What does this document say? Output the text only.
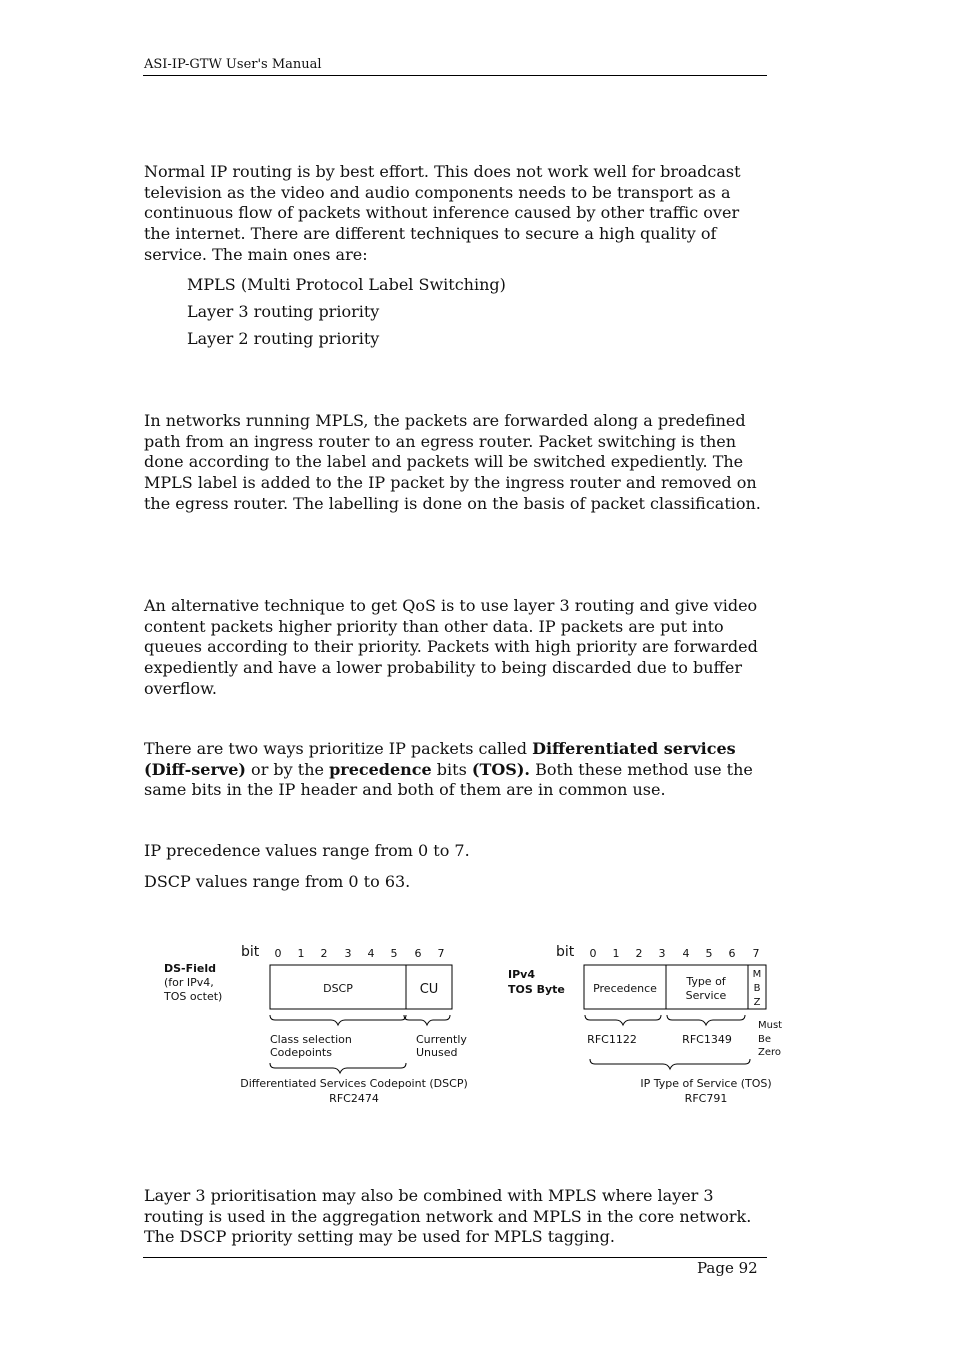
ASI-IP-GTW User's Manual

Normal IP routing is by best effort. This does not work well for broadcast television as the video and audio components needs to be transport as a continuous flow of packets without inference caused by other traffic over the internet. There are different techniques to secure a high quality of service. The main ones are:

MPLS (Multi Protocol Label Switching)
Layer 3 routing priority
Layer 2 routing priority

In networks running MPLS, the packets are forwarded along a predefined path from an ingress router to an egress router. Packet switching is then done according to the label and packets will be switched expediently. The MPLS label is added to the IP packet by the ingress router and removed on the egress router. The labelling is done on the basis of packet classification.

An alternative technique to get QoS is to use layer 3 routing and give video content packets higher priority than other data. IP packets are put into queues according to their priority. Packets with high priority are forwarded expediently and have a lower probability to being discarded due to buffer overflow.

There are two ways prioritize IP packets called Differentiated services (Diff-serve) or by the precedence bits (TOS). Both these method use the same bits in the IP header and both of them are in common use.

IP precedence values range from 0 to 7.

DSCP values range from 0 to 63.

bit 0 1 2 3 4 5 6 7
DS-Field
(for IPv4,
TOS octet)
DSCP	CU
Class selection
Codepoints
Currently
Unused
Differentiated Services Codepoint (DSCP)
RFC2474
bit 0 1 2 3 4 5 6 7
IPv4
TOS Byte	Precedence
Type of
Service
M
B
Z
RFC1122	RFC1349
Must
Be
Zero
IP Type of Service (TOS)
RFC791

Layer 3 prioritisation may also be combined with MPLS where layer 3 routing is used in the aggregation network and MPLS in the core network. The DSCP priority setting may be used for MPLS tagging.

Page 92
